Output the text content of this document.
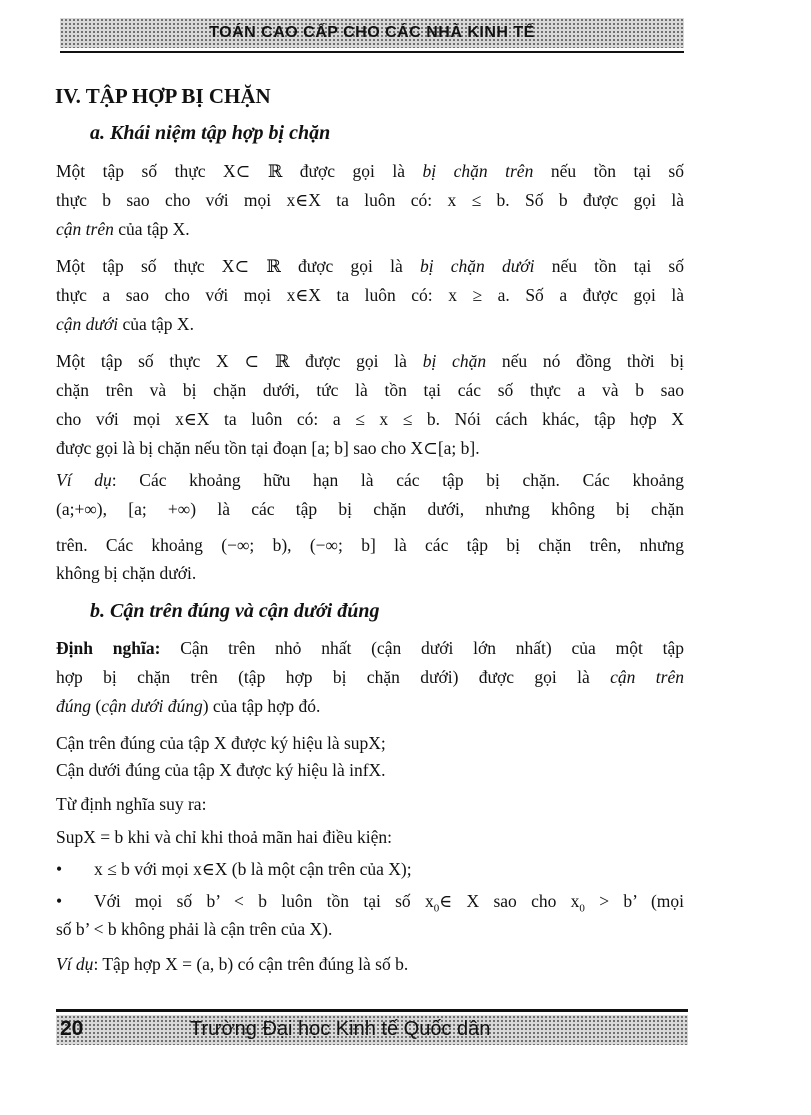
TOÁN CAO CẤP CHO CÁC NHÀ KINH TẾ
IV. TẬP HỢP BỊ CHẶN
a. Khái niệm tập hợp bị chặn
Một tập số thực X⊂ ℝ được gọi là bị chặn trên nếu tồn tại số
thực b sao cho với mọi x∈X ta luôn có: x ≤ b. Số b được gọi là
cận trên của tập X.
Một tập số thực X⊂ ℝ được gọi là bị chặn dưới nếu tồn tại số
thực a sao cho với mọi x∈X ta luôn có: x ≥ a. Số a được gọi là
cận dưới của tập X.
Một tập số thực X ⊂ ℝ được gọi là bị chặn nếu nó đồng thời bị
chặn trên và bị chặn dưới, tức là tồn tại các số thực a và b sao
cho với mọi x∈X ta luôn có: a ≤ x ≤ b. Nói cách khác, tập hợp X
được gọi là bị chặn nếu tồn tại đoạn [a; b] sao cho X⊂[a; b].
Ví dụ: Các khoảng hữu hạn là các tập bị chặn. Các khoảng
(a;+∞), [a; +∞) là các tập bị chặn dưới, nhưng không bị chặn
trên. Các khoảng (−∞; b), (−∞; b] là các tập bị chặn trên, nhưng
không bị chặn dưới.
b. Cận trên đúng và cận dưới đúng
Định nghĩa: Cận trên nhỏ nhất (cận dưới lớn nhất) của một tập
hợp bị chặn trên (tập hợp bị chặn dưới) được gọi là cận trên
đúng (cận dưới đúng) của tập hợp đó.
Cận trên đúng của tập X được ký hiệu là supX;
Cận dưới đúng của tập X được ký hiệu là infX.
Từ định nghĩa suy ra:
SupX = b khi và chỉ khi thoả mãn hai điều kiện:
• x ≤ b với mọi x∈X (b là một cận trên của X);
• Với mọi số b’ < b luôn tồn tại số $x_0\in$ X sao cho $x_0 > b$’ (mọi
số b’ < b không phải là cận trên của X).
Ví dụ: Tập hợp X = (a, b) có cận trên đúng là số b.
20	Trường Đại học Kinh tế Quốc dân
